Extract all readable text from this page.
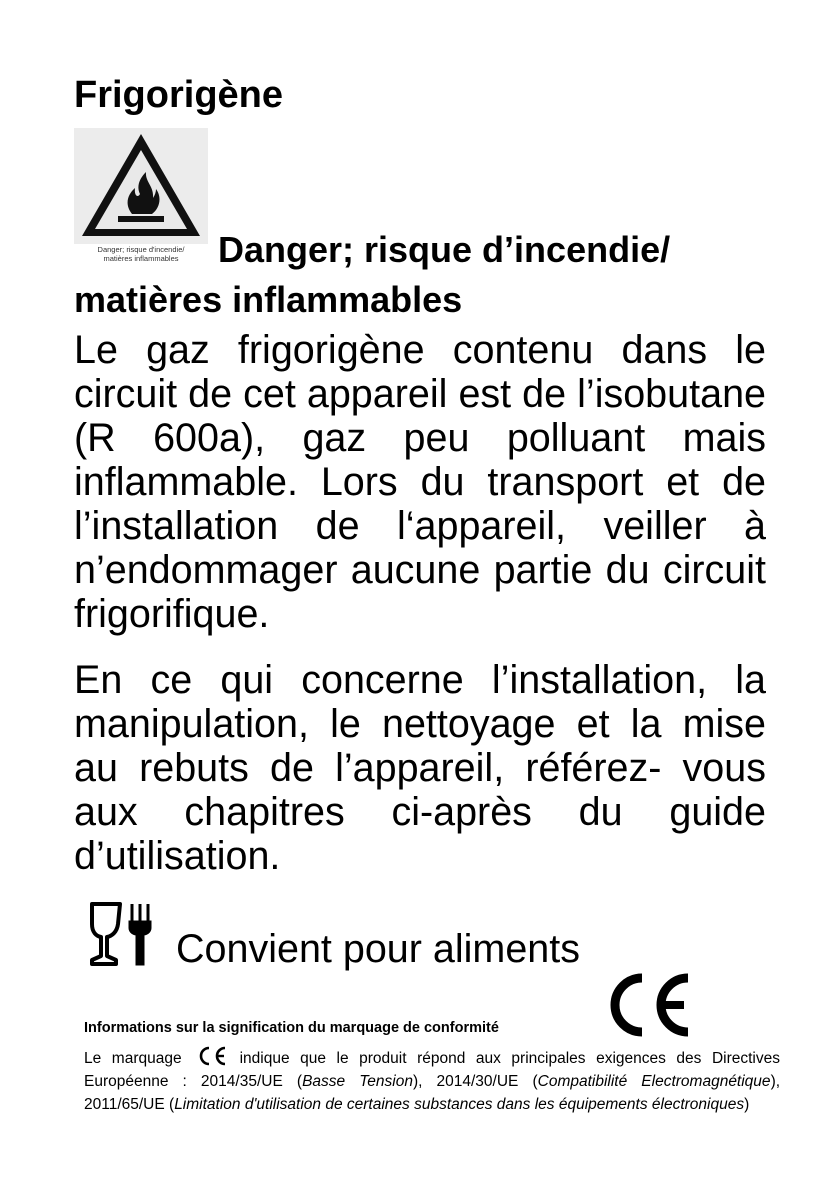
Frigorigène
Danger; risque d'incendie/
matières inflammables	Danger; risque d’incendie/
matières inflammables

Le gaz frigorigène contenu dans le circuit de cet appareil est de l’isobutane (R 600a), gaz peu polluant mais inflammable. Lors du transport et de l’installation de l‘appareil, veiller à n’endommager aucune partie du circuit frigorifique.

En ce qui concerne l’installation, la manipulation, le nettoyage et la mise au rebuts de l’appareil, référez- vous aux chapitres ci-après du guide d’utilisation.

Convient pour aliments
Informations sur la signification du marquage de conformité

Le marquage	indique que le produit répond aux principales exigences des Directives Européenne : 2014/35/UE (Basse Tension), 2014/30/UE (Compatibilité Electromagnétique), 2011/65/UE (Limitation d'utilisation de certaines substances dans les équipements électroniques)
